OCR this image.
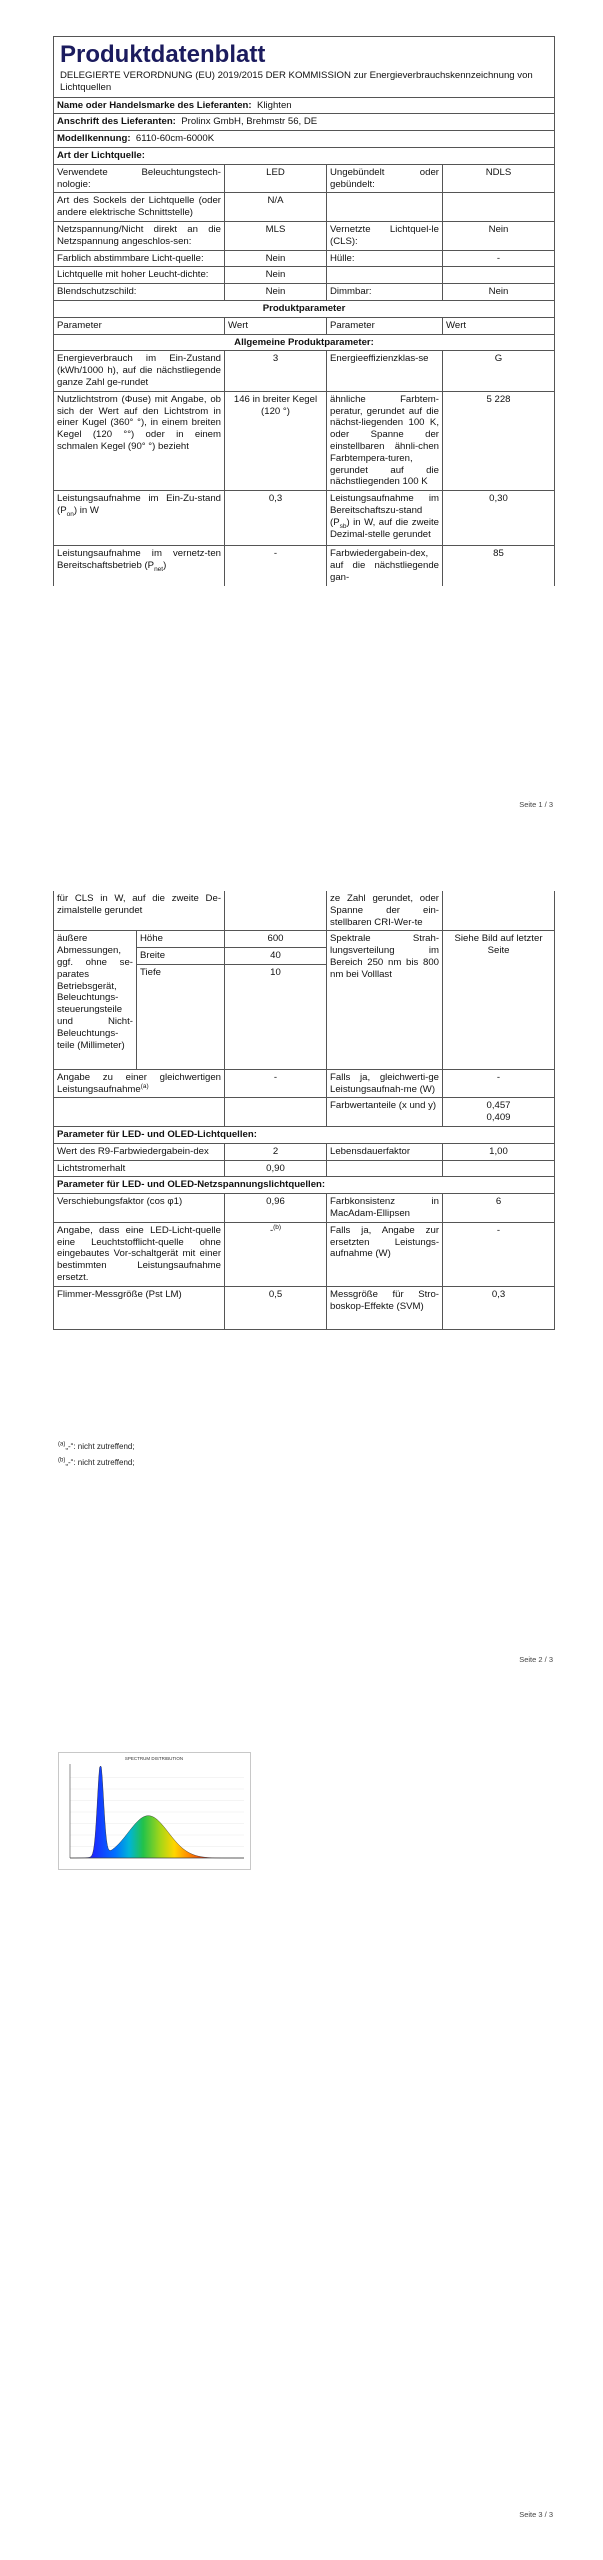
Produktdatenblatt
DELEGIERTE VERORDNUNG (EU) 2019/2015 DER KOMMISSION zur Energieverbrauchskennzeichnung von Lichtquellen			

Name oder Handelsmarke des Lieferanten: Klighten			
Anschrift des Lieferanten: Prolinx GmbH, Brehmstr 56, DE			
Modellkennung: 6110-60cm-6000K			
Art der Lichtquelle:			
Verwendete Beleuchtungstech-nologie:	LED	Ungebündelt oder gebündelt:	NDLS
Art des Sockels der Lichtquelle (oder andere elektrische Schnittstelle)	N/A		
Netzspannung/Nicht direkt an die Netzspannung angeschlos-sen:	MLS	Vernetzte Lichtquel-le (CLS):	Nein
Farblich abstimmbare Licht-quelle:	Nein	Hülle:	-
Lichtquelle mit hoher Leucht-dichte:	Nein		
Blendschutzschild:	Nein	Dimmbar:	Nein
Produktparameter			
Parameter	Wert	Parameter	Wert
Allgemeine Produktparameter:			
Energieverbrauch im Ein-Zustand (kWh/1000 h), auf die nächstliegende ganze Zahl ge-rundet	3	Energieeffizienzklas-se	G
Nutzlichtstrom (Φuse) mit Angabe, ob sich der Wert auf den Lichtstrom in einer Kugel (360° °), in einem breiten Kegel (120 °°) oder in einem schmalen Kegel (90° °) bezieht	146 in breiter Kegel (120 °)	ähnliche Farbtem-peratur, gerundet auf die nächst-liegenden 100 K, oder Spanne der einstellbaren ähnli-chen Farbtempera-turen, gerundet auf die nächstliegenden 100 K	5 228
Leistungsaufnahme im Ein-Zu-stand $(P_{on})$ in W	0,3	Leistungsaufnahme im Bereitschaftszu-stand $(P_{sb})$ in W, auf die zweite Dezimal-stelle gerundet	0,30
Leistungsaufnahme im vernetz-ten Bereitschaftsbetrieb $(P_{net})$	-	Farbwiedergabein-dex, auf die nächstliegende gan-	85
Seite 1 / 3
für CLS in W, auf die zweite De-zimalstelle gerundet			ze Zahl gerundet, oder Spanne der ein-stellbaren CRI-Wer-te	
äußere Abmessungen, ggf. ohne se-parates Betriebsgerät, Beleuchtungs-steuerungsteile und Nicht-Beleuchtungs-teile (Millimeter)	Höhe	600	Spektrale Strah-lungsverteilung im Bereich 250 nm bis 800 nm bei Volllast	Siehe Bild auf letzter Seite
	Breite	40		
	Tiefe	10		

Angabe zu einer gleichwertigen Leistungsaufnahme$^{(a)}$		-	Falls ja, gleichwerti-ge Leistungsaufnah-me (W)	-
			Farbwertanteile (x und y)	0,457
0,409

Parameter für LED- und OLED-Lichtquellen:				
Wert des R9-Farbwiedergabein-dex		2	Lebensdauerfaktor	1,00
Lichtstromerhalt		0,90		
Parameter für LED- und OLED-Netzspannungslichtquellen:				
Verschiebungsfaktor (cos φ1)		0,96	Farbkonsistenz in MacAdam-Ellipsen	6
Angabe, dass eine LED-Licht-quelle eine Leuchtstofflicht-quelle ohne eingebautes Vor-schaltgerät mit einer bestimmten Leistungsaufnahme ersetzt.		-$^{(b)}$	Falls ja, Angabe zur ersetzten Leistungs-aufnahme (W)	-
Flimmer-Messgröße (Pst LM)		0,5	Messgröße für Stro-boskop-Effekte (SVM)	0,3
$^{(a)}$„-“: nicht zutreffend;
$^{(b)}$„-“: nicht zutreffend;
Seite 2 / 3
SPECTRUM DISTRIBUTION
Seite 3 / 3
